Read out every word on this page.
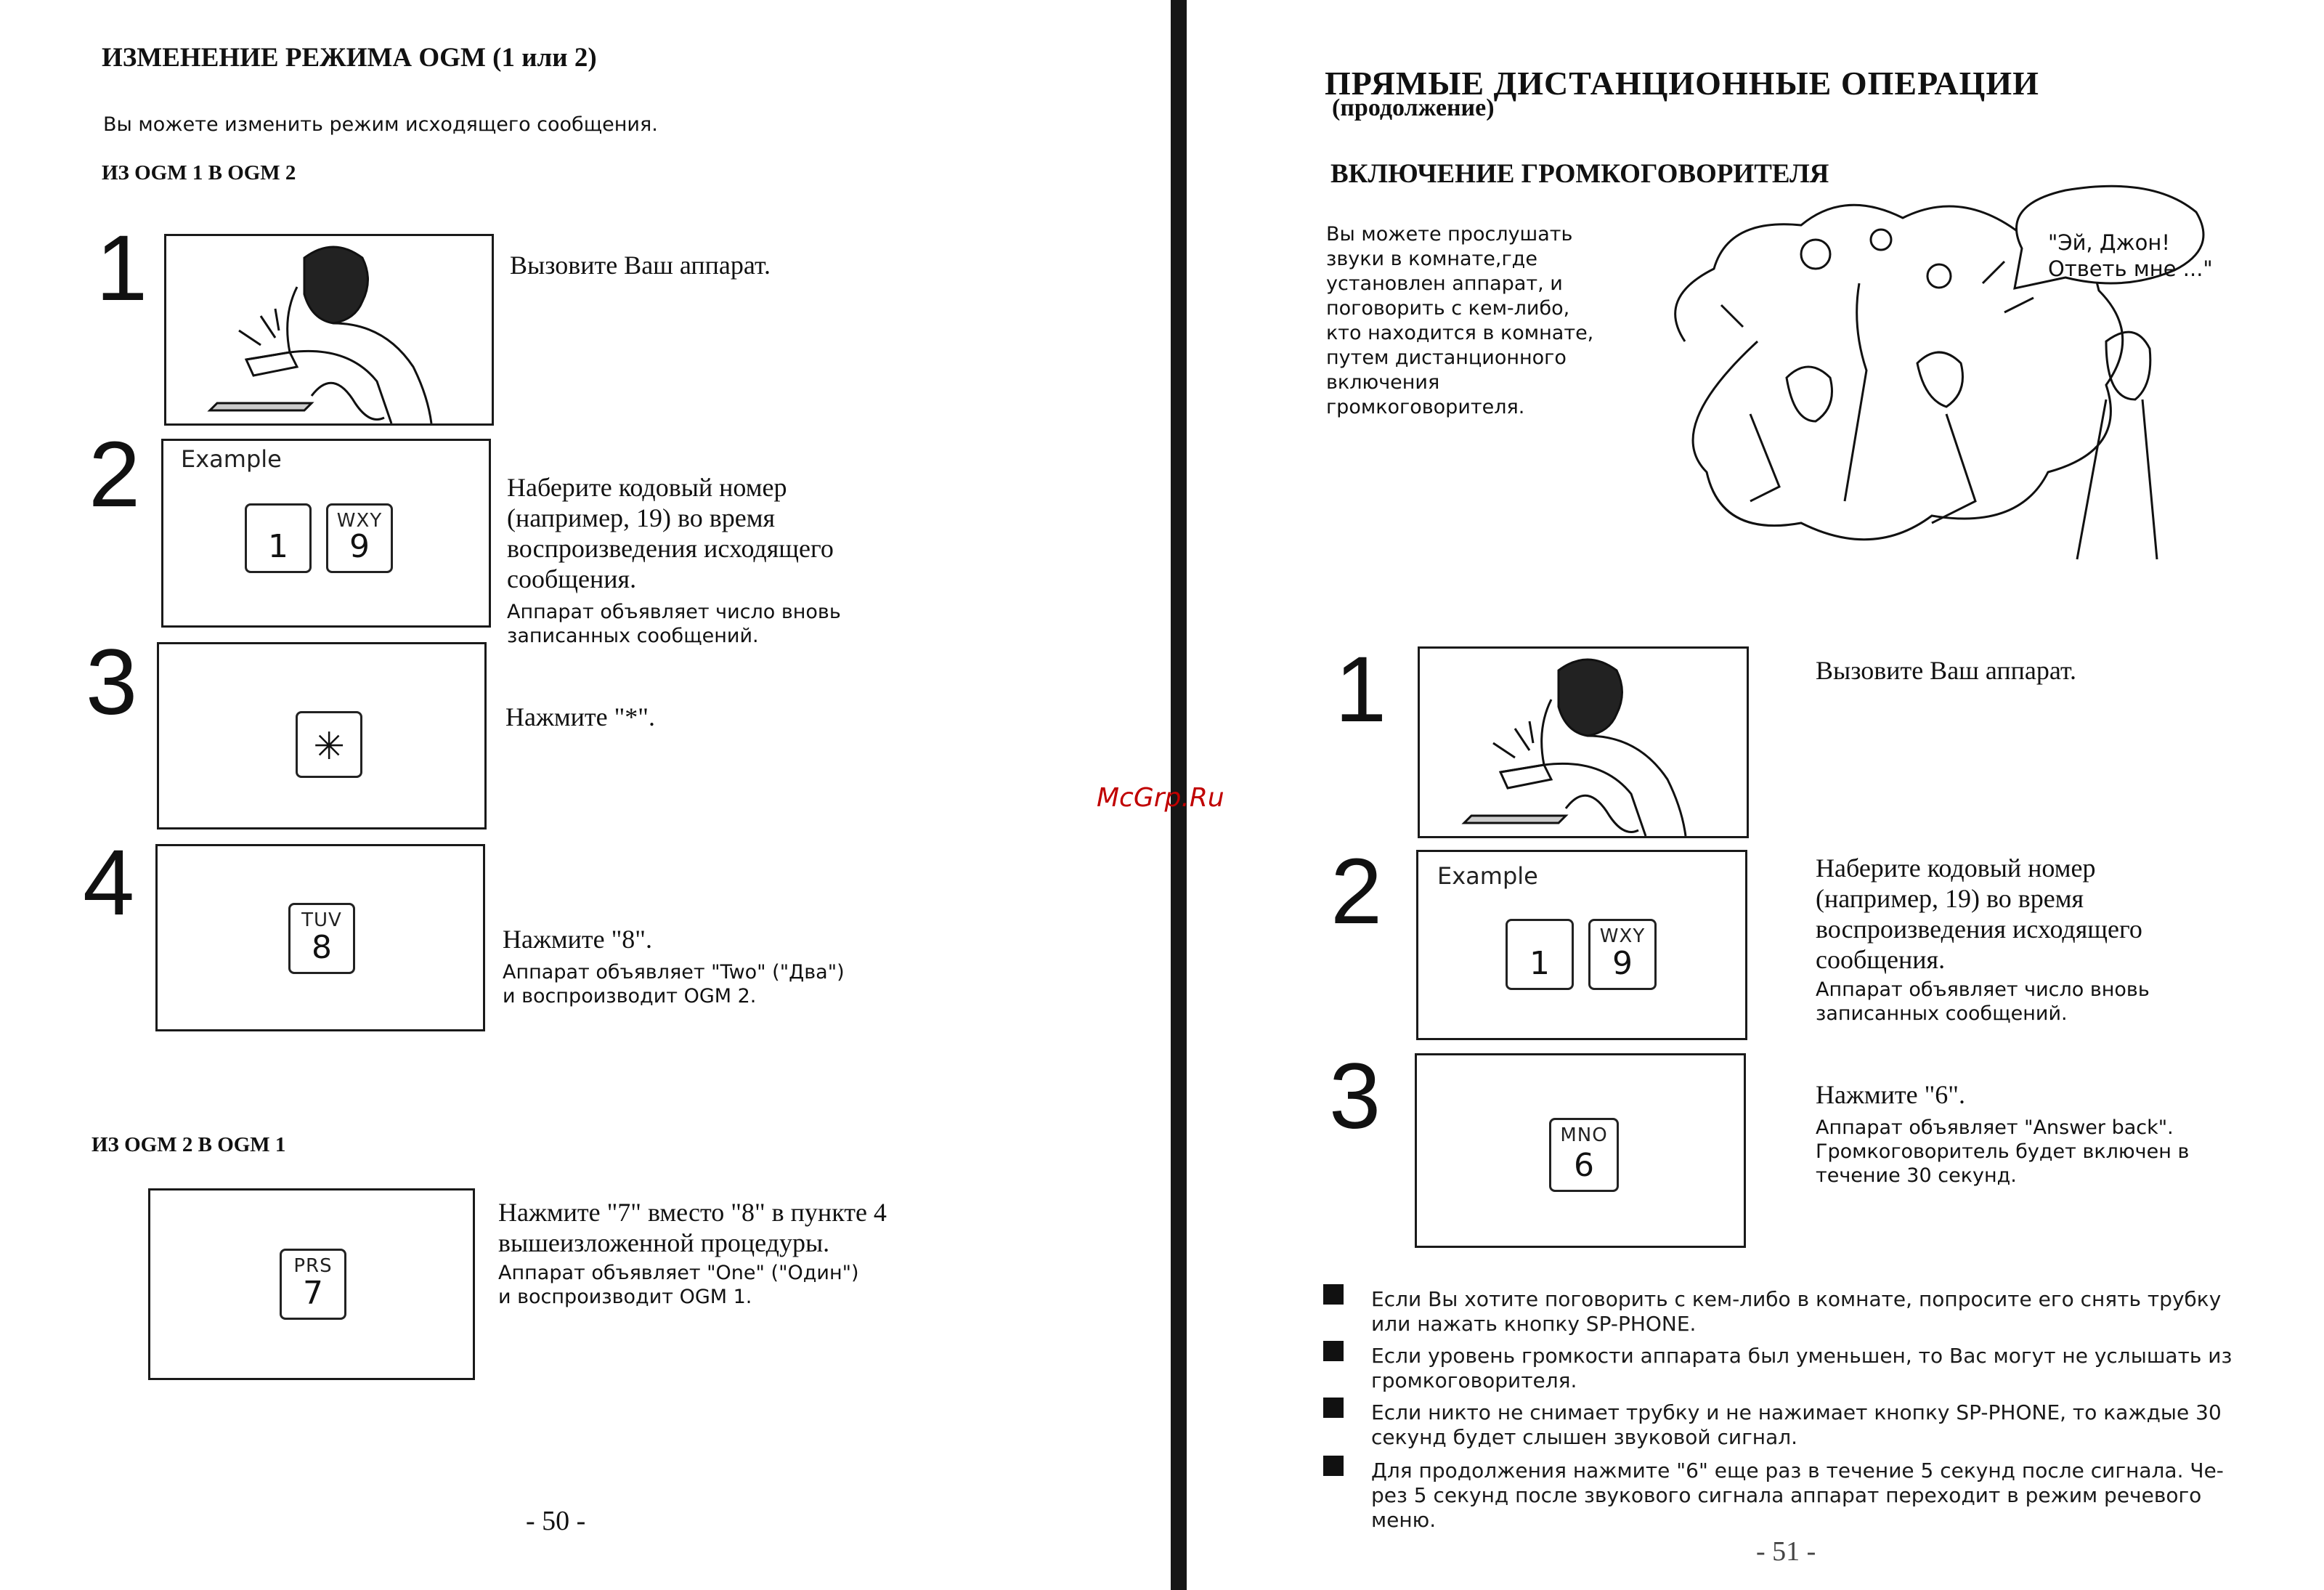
ИЗМЕНЕНИЕ РЕЖИМА OGM (1 или 2)
Вы можете изменить режим исходящего сообщения.
ИЗ OGM 1 В OGM 2
1	Вызовите Ваш аппарат.
2 Example
1
WXY
9
Наберите кодовый номер
(например, 19) во время
воспроизведения исходящего
сообщения.
Аппарат объявляет число вновь
записанных сообщений.
3
✳
Нажмите "*".
4	TUV
8	Нажмите "8".
Аппарат объявляет "Two" ("Два")
и воспроизводит OGM 2.
ИЗ OGM 2 В OGM 1
PRS
7
Нажмите "7" вместо "8" в пункте 4
вышеизложенной процедуры.
Аппарат объявляет "One" ("Один")
и воспроизводит OGM 1.
- 50 -
McGrp.Ru
ПРЯМЫЕ ДИСТАНЦИОННЫЕ ОПЕРАЦИИ
(продолжение)
ВКЛЮЧЕНИЕ ГРОМКОГОВОРИТЕЛЯ
Вы можете прослушать
звуки в комнате,где
установлен аппарат, и
поговорить с кем-либо,
кто находится в комнате,
путем дистанционного
включения
громкоговорителя.
"Эй, Джон!
Ответь мне ..."
1	Вызовите Ваш аппарат.
2 Example
1
WXY
9
Наберите кодовый номер
(например, 19) во время
воспроизведения исходящего
сообщения.
Аппарат объявляет число вновь
записанных сообщений.
3	MNO
6
Нажмите "6".
Аппарат объявляет "Answer back".
Громкоговоритель будет включен в
течение 30 секунд.
Если Вы хотите поговорить с кем-либо в комнате, попросите его снять трубку
или нажать кнопку SP-PHONE.
Если уровень громкости аппарата был уменьшен, то Вас могут не услышать из
громкоговорителя.
Если никто не снимает трубку и не нажимает кнопку SP-PHONE, то каждые 30
секунд будет слышен звуковой сигнал.
Для продолжения нажмите "6" еще раз в течение 5 секунд после сигнала. Че-
рез 5 секунд после звукового сигнала аппарат переходит в режим речевого
меню.
- 51 -
